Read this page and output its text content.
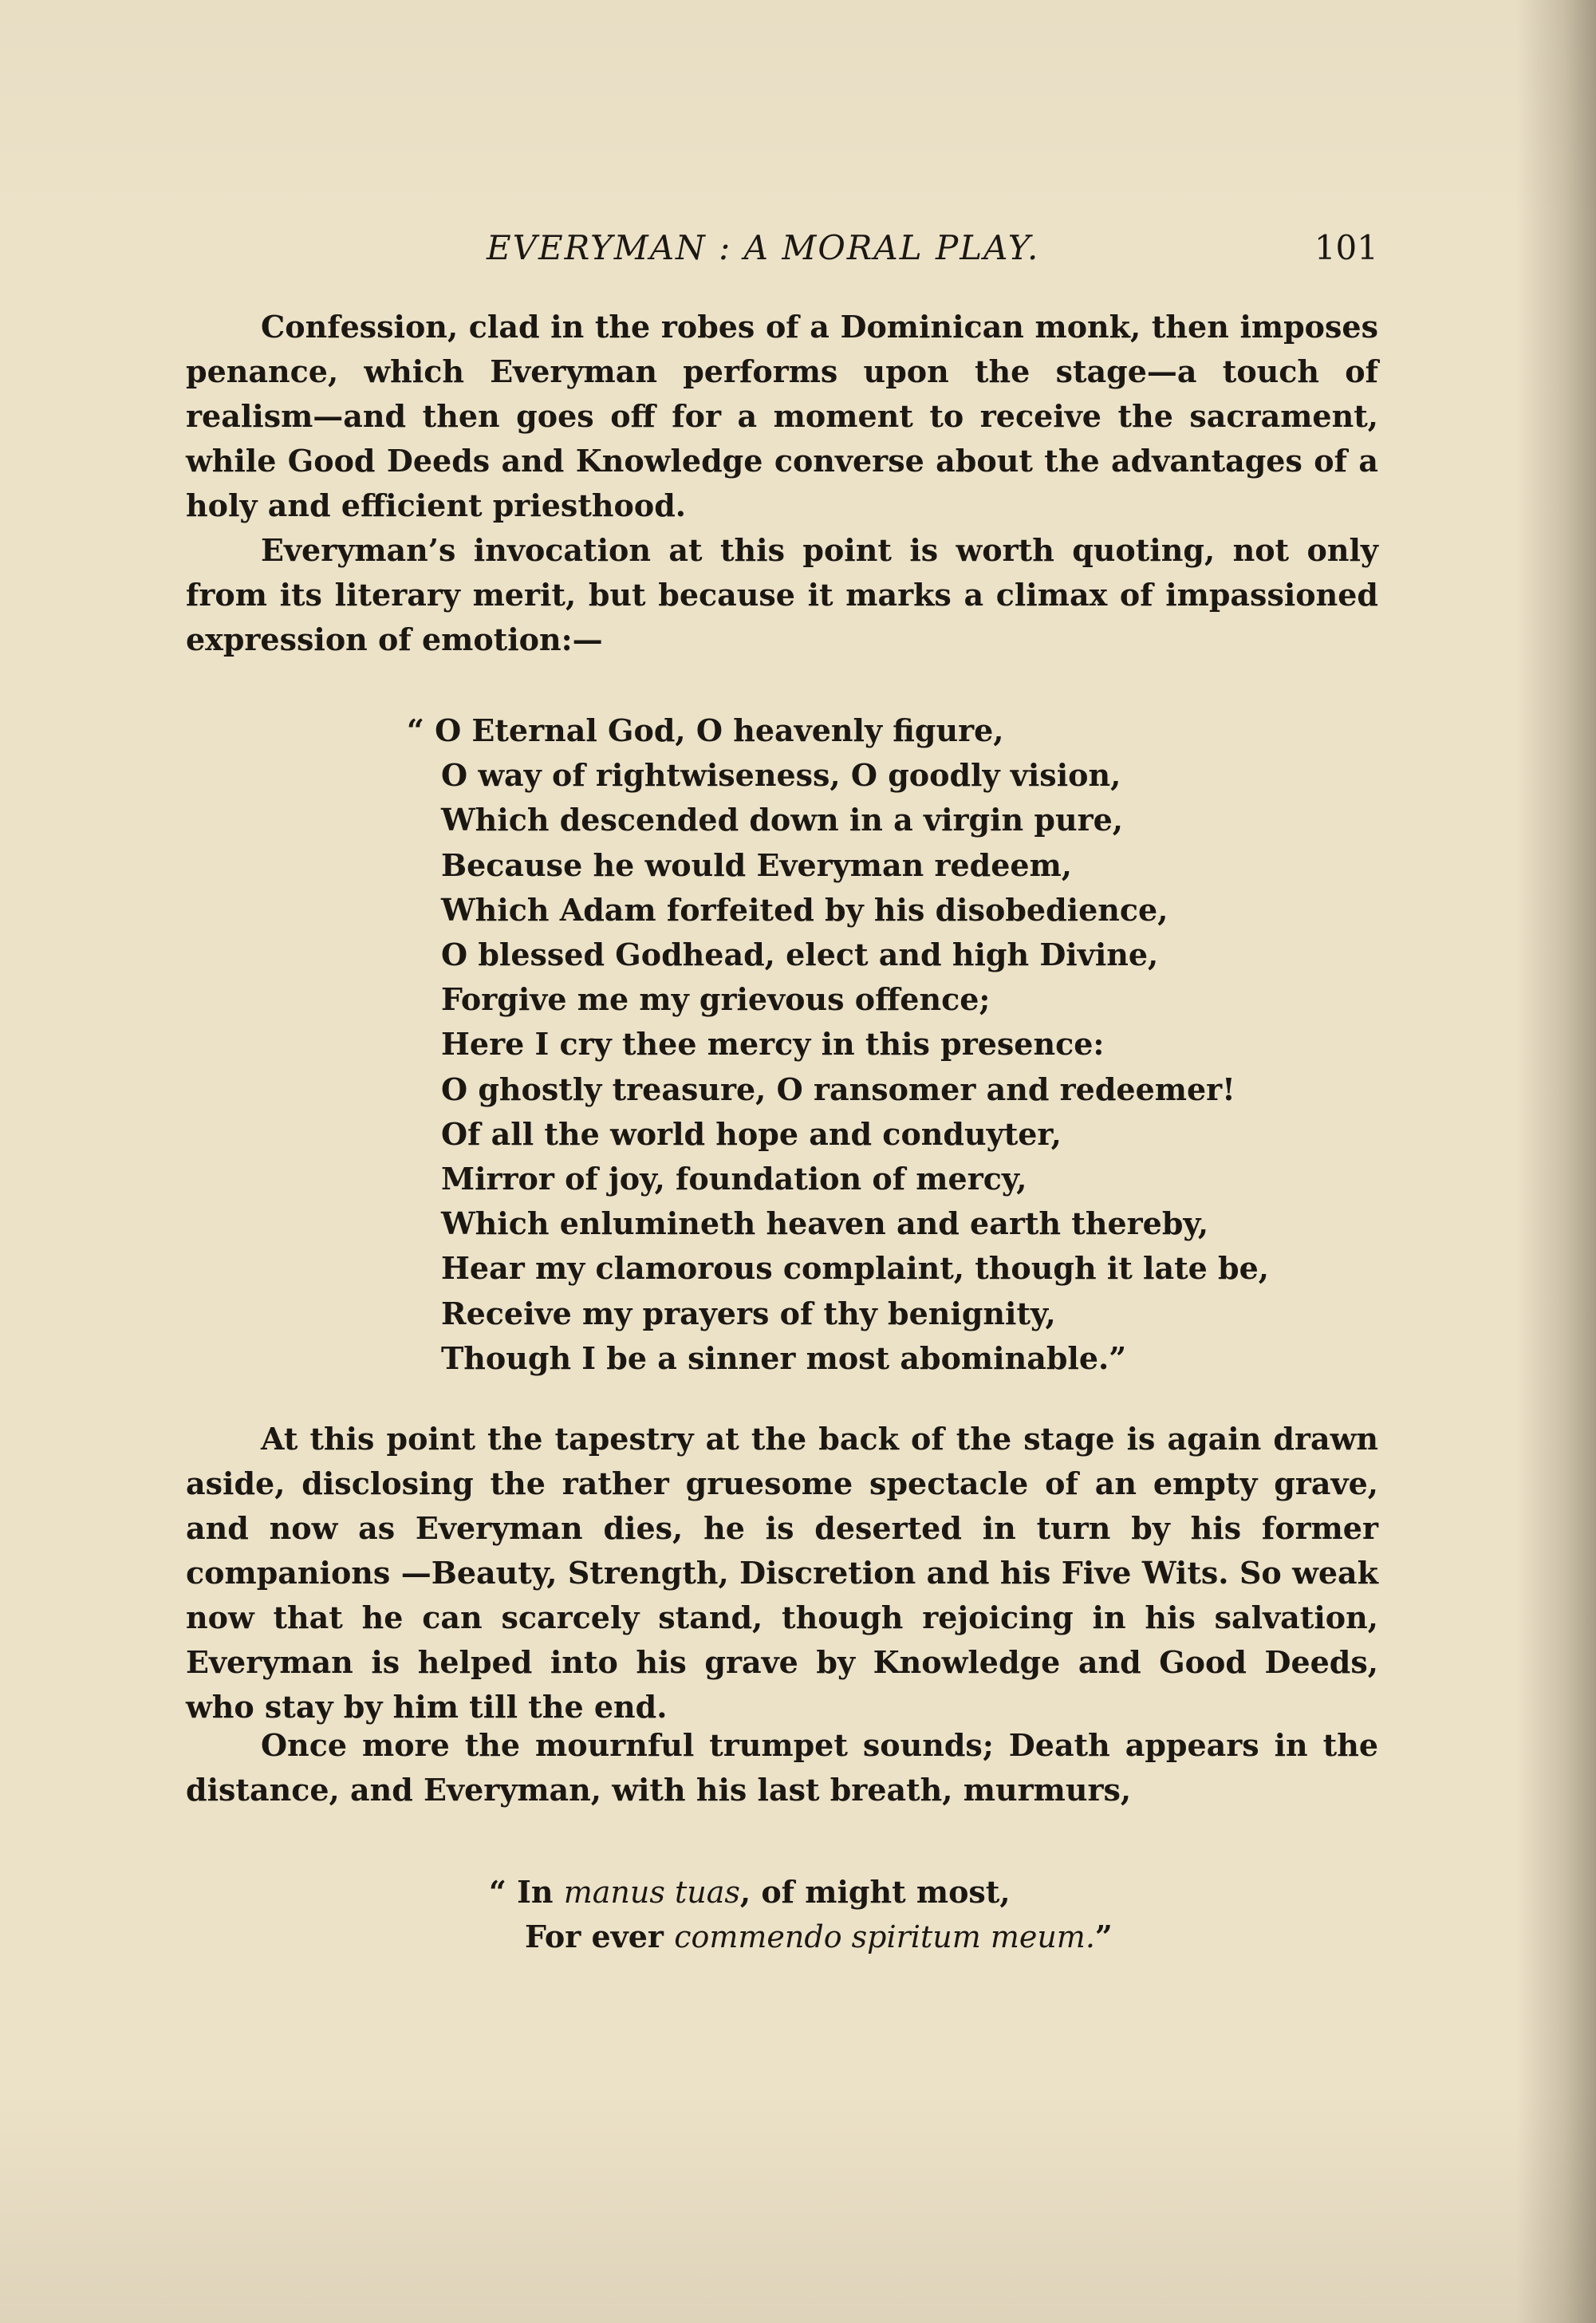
EVERYMAN : A MORAL PLAY.	101

Confession, clad in the robes of a Dominican monk, then imposes penance, which Everyman performs upon the stage—a touch of realism—and then goes off for a moment to receive the sacrament, while Good Deeds and Knowledge converse about the advantages of a holy and efficient priesthood.

Everyman’s invocation at this point is worth quoting, not only from its literary merit, but because it marks a climax of impassioned expression of emotion:—

“ O Eternal God, O heavenly figure,
O way of rightwiseness, O goodly vision,
Which descended down in a virgin pure,
Because he would Everyman redeem,
Which Adam forfeited by his disobedience,
O blessed Godhead, elect and high Divine,
Forgive me my grievous offence;
Here I cry thee mercy in this presence:
O ghostly treasure, O ransomer and redeemer!
Of all the world hope and conduyter,
Mirror of joy, foundation of mercy,
Which enlumineth heaven and earth thereby,
Hear my clamorous complaint, though it late be,
Receive my prayers of thy benignity,
Though I be a sinner most abominable.”

At this point the tapestry at the back of the stage is again drawn aside, disclosing the rather gruesome spectacle of an empty grave, and now as Everyman dies, he is deserted in turn by his former companions —Beauty, Strength, Discretion and his Five Wits. So weak now that he can scarcely stand, though rejoicing in his salvation, Everyman is helped into his grave by Knowledge and Good Deeds, who stay by him till the end.

Once more the mournful trumpet sounds; Death appears in the distance, and Everyman, with his last breath, murmurs,

“ In manus tuas, of might most,
For ever commendo spiritum meum.”
